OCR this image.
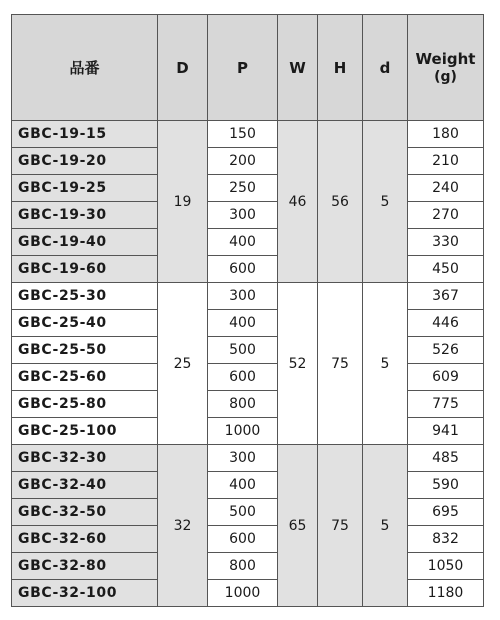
品番	D	P	W	H	d	Weight
(g)

GBC-19-15	19	150	46	56	5	180
GBC-19-20		200				210
GBC-19-25		250				240
GBC-19-30		300				270
GBC-19-40		400				330
GBC-19-60		600				450
GBC-25-30	25	300	52	75	5	367
GBC-25-40		400				446
GBC-25-50		500				526
GBC-25-60		600				609
GBC-25-80		800				775
GBC-25-100		1000				941
GBC-32-30	32	300	65	75	5	485
GBC-32-40		400				590
GBC-32-50		500				695
GBC-32-60		600				832
GBC-32-80		800				1050
GBC-32-100		1000				1180
